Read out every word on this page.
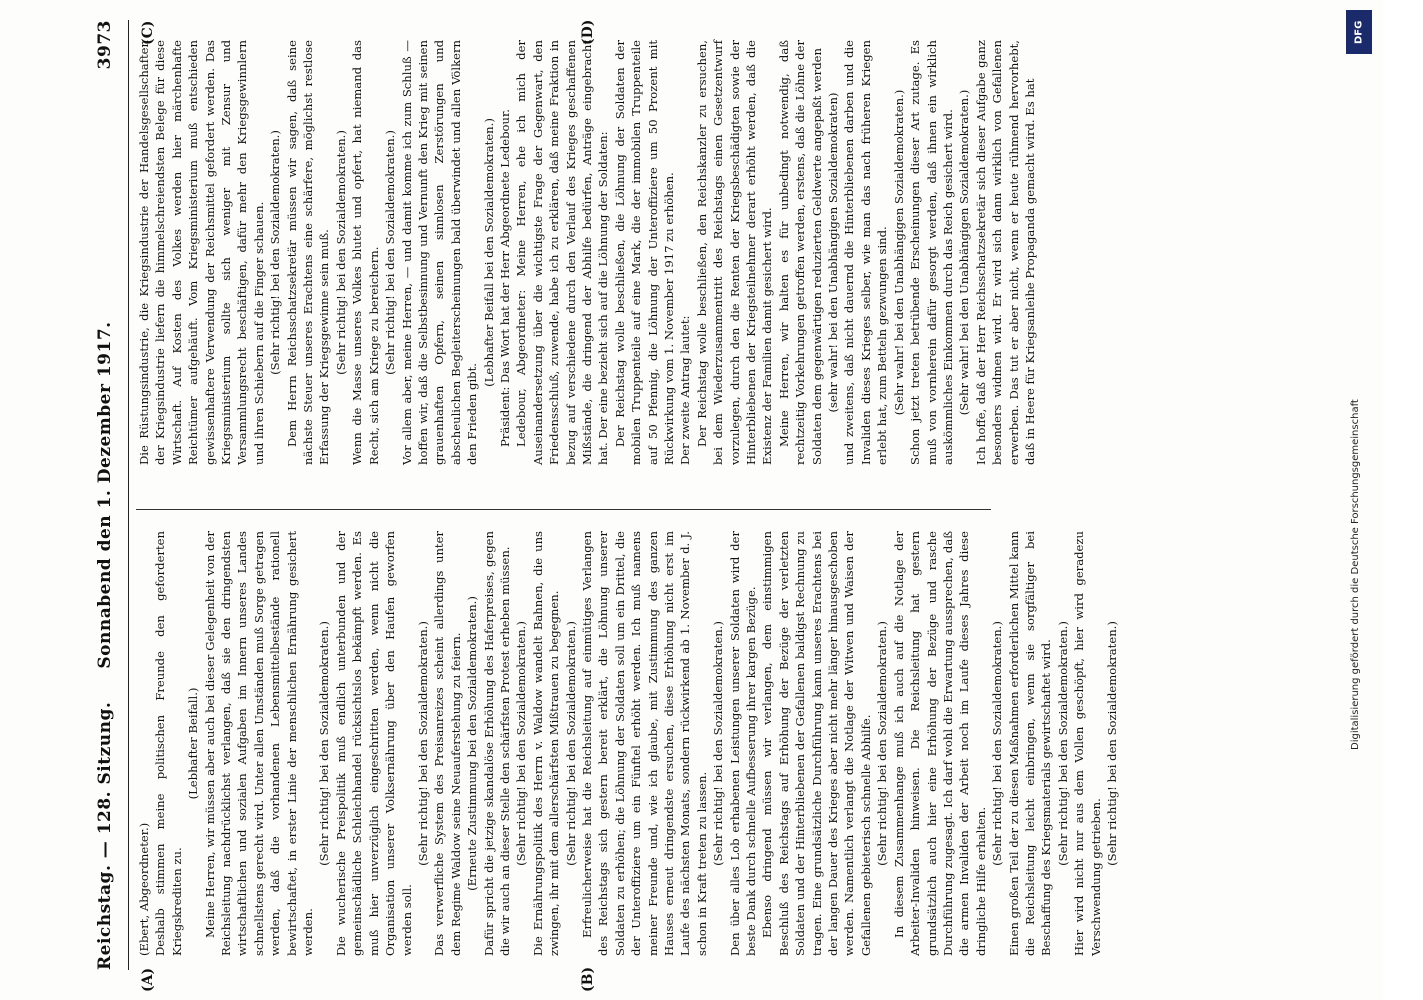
Reichstag. — 128. Sitzung.
Sonnabend den 1. Dezember 1917.
3973
(A)	(B)
(C)	(D)

(Ebert, Abgeordneter.) Deshalb stimmen meine politischen Freunde den geforderten Kriegskrediten zu.

(Lebhafter Beifall.) Meine Herren, wir müssen aber auch bei dieser Gelegenheit von der Reichsleitung nachdrücklichst verlangen, daß sie den dringendsten wirtschaftlichen und sozialen Aufgaben im Innern unseres Landes schnellstens gerecht wird. Unter allen Umständen muß Sorge getragen werden, daß die vorhandenen Lebensmittelbestände rationell bewirtschaftet, in erster Linie der menschlichen Ernährung gesichert werden.

(Sehr richtig! bei den Sozialdemokraten.) Die wucherische Preispolitik muß endlich unterbunden und der gemeinschädliche Schleichhandel rücksichtslos bekämpft werden. Es muß hier unverzüglich eingeschritten werden, wenn nicht die Organisation unserer Volksernährung über den Haufen geworfen werden soll.

(Sehr richtig! bei den Sozialdemokraten.) Das verwerfliche System des Preisanreizes scheint allerdings unter dem Regime Waldow seine Neuauferstehung zu feiern. (Erneute Zustimmung bei den Sozialdemokraten.) Dafür spricht die jetzige skandalöse Erhöhung des Haferpreises, gegen die wir auch an dieser Stelle den schärfsten Protest erheben müssen. (Sehr richtig! bei den Sozialdemokraten.) Die Ernährungspolitik des Herrn v. Waldow wandelt Bahnen, die uns zwingen, ihr mit dem allerschärfsten Mißtrauen zu begegnen. (Sehr richtig! bei den Sozialdemokraten.) Erfreulicherweise hat die Reichsleitung auf einmütiges Verlangen des Reichstags sich gestern bereit erklärt, die Löhnung unserer Soldaten zu erhöhen; die Löhnung der Soldaten soll um ein Drittel, die der Unteroffiziere um ein Fünftel erhöht werden. Ich muß namens meiner Freunde und, wie ich glaube, mit Zustimmung des ganzen Hauses erneut dringendste ersuchen, diese Erhöhung nicht erst im Laufe des nächsten Monats, sondern rückwirkend ab 1. November d. J. schon in Kraft treten zu lassen. (Sehr richtig! bei den Sozialdemokraten.) Den über alles Lob erhabenen Leistungen unserer Soldaten wird der beste Dank durch schnelle Aufbesserung ihrer kargen Bezüge. Ebenso dringend müssen wir verlangen, dem einstimmigen Beschluß des Reichstags auf Erhöhung der Bezüge der verletzten Soldaten und der Hinterbliebenen der Gefallenen baldigst Rechnung zu tragen. Eine grundsätzliche Durchführung kann unseres Erachtens bei der langen Dauer des Krieges aber nicht mehr länger hinausgeschoben werden. Namentlich verlangt die Notlage der Witwen und Waisen der Gefallenen gebieterisch schnelle Abhilfe. (Sehr richtig! bei den Sozialdemokraten.) In diesem Zusammenhange muß ich auch auf die Notlage der Arbeiter-Invaliden hinweisen. Die Reichsleitung hat gestern grundsätzlich auch hier eine Erhöhung der Bezüge und rasche Durchführung zugesagt. Ich darf wohl die Erwartung aussprechen, daß die armen Invaliden der Arbeit noch im Laufe dieses Jahres diese dringliche Hilfe erhalten.

(Sehr richtig! bei den Sozialdemokraten.) Einen großen Teil der zu diesen Maßnahmen erforderlichen Mittel kann die Reichsleitung leicht einbringen, wenn sie sorgfältiger bei Beschaffung des Kriegsmaterials gewirtschaftet wird. (Sehr richtig! bei den Sozialdemokraten.) Hier wird nicht nur aus dem Vollen geschöpft, hier wird geradezu Verschwendung getrieben.

(Sehr richtig! bei den Sozialdemokraten.)

Die Rüstungsindustrie, die Kriegsindustrie der Handelsgesellschaften der Kriegsindustrie liefern die himmelschreiendsten Belege für diese Wirtschaft. Auf Kosten des Volkes werden hier märchenhafte Reichtümer aufgehäuft. Vom Kriegsministerium muß entschieden gewissenhaftere Verwendung der Reichsmittel gefordert werden. Das Kriegsministerium sollte sich weniger mit Zensur und Versammlungsrecht beschäftigen, dafür mehr den Kriegsgewinnlern und ihren Schiebern auf die Finger schauen. (Sehr richtig! bei den Sozialdemokraten.) Dem Herrn Reichsschatzsekretär müssen wir sagen, daß seine nächste Steuer unseres Erachtens eine schärfere, möglichst restlose Erfassung der Kriegsgewinne sein muß. (Sehr richtig! bei den Sozialdemokraten.) Wenn die Masse unseres Volkes blutet und opfert, hat niemand das Recht, sich am Kriege zu bereichern. (Sehr richtig! bei den Sozialdemokraten.) Vor allem aber, meine Herren, — und damit komme ich zum Schluß — hoffen wir, daß die Selbstbesinnung und Vernunft den Krieg mit seinen grauenhaften Opfern, seinen sinnlosen Zerstörungen und abscheulichen Begleiterscheinungen bald überwindet und allen Völkern den Frieden gibt.

(Lebhafter Beifall bei den Sozialdemokraten.) Präsident: Das Wort hat der Herr Abgeordnete Ledebour. Ledebour, Abgeordneter: Meine Herren, ehe ich mich der Auseinandersetzung über die wichtigste Frage der Gegenwart, den Friedensschluß, zuwende, habe ich zu erklären, daß meine Fraktion in bezug auf verschiedene durch den Verlauf des Krieges geschaffenen Mißstände, die dringend der Abhilfe bedürfen, Anträge eingebracht hat. Der eine bezieht sich auf die Löhnung der Soldaten: Der Reichstag wolle beschließen, die Löhnung der Soldaten der mobilen Truppenteile auf eine Mark, die der immobilen Truppenteile auf 50 Pfennig, die Löhnung der Unteroffiziere um 50 Prozent mit Rückwirkung vom 1. November 1917 zu erhöhen. Der zweite Antrag lautet: Der Reichstag wolle beschließen, den Reichskanzler zu ersuchen, bei dem Wiederzusammentritt des Reichstags einen Gesetzentwurf vorzulegen, durch den die Renten der Kriegsbeschädigten sowie der Hinterbliebenen der Kriegsteilnehmer derart erhöht werden, daß die Existenz der Familien damit gesichert wird. Meine Herren, wir halten es für unbedingt notwendig, daß rechtzeitig Vorkehrungen getroffen werden, erstens, daß die Löhne der Soldaten dem gegenwärtigen reduzierten Geldwerte angepaßt werden (sehr wahr! bei den Unabhängigen Sozialdemokraten) und zweitens, daß nicht dauernd die Hinterbliebenen darben und die Invaliden dieses Krieges selber, wie man das nach früheren Kriegen erlebt hat, zum Betteln gezwungen sind. (Sehr wahr! bei den Unabhängigen Sozialdemokraten.) Schon jetzt treten betrübende Erscheinungen dieser Art zutage. Es muß von vornherein dafür gesorgt werden, daß ihnen ein wirklich auskömmliches Einkommen durch das Reich gesichert wird. (Sehr wahr! bei den Unabhängigen Sozialdemokraten.) Ich hoffe, daß der Herr Reichsschatzsekretär sich dieser Aufgabe ganz besonders widmen wird. Er wird sich dann wirklich von Gefallenen erwerben. Das tut er aber nicht, wenn er heute rühmend hervorhebt, daß in Heere für Kriegsanleihe Propaganda gemacht wird. Es hat

DFG
Digitalisierung gefördert durch die Deutsche Forschungsgemeinschaft
